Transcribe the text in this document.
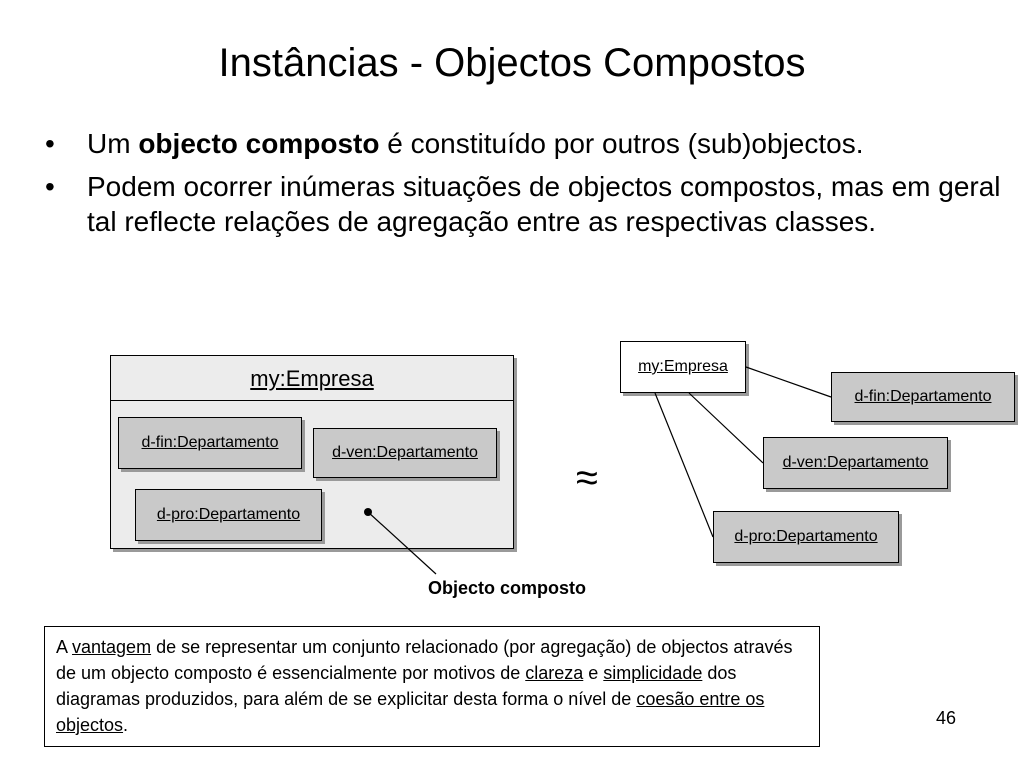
Instâncias - Objectos Compostos
• Um objecto composto é constituído por outros (sub)objectos.
• Podem ocorrer inúmeras situações de objectos compostos, mas em geral tal reflecte relações de agregação entre as respectivas classes.
my:Empresa
d-fin:Departamento
d-ven:Departamento
d-pro:Departamento
my:Empresa
d-fin:Departamento
d-ven:Departamento
d-pro:Departamento
≈
Objecto composto
A vantagem de se representar um conjunto relacionado (por agregação) de objectos através de um objecto composto é essencialmente por motivos de clareza e simplicidade dos diagramas produzidos, para além de se explicitar desta forma o nível de coesão entre os objectos.	46
